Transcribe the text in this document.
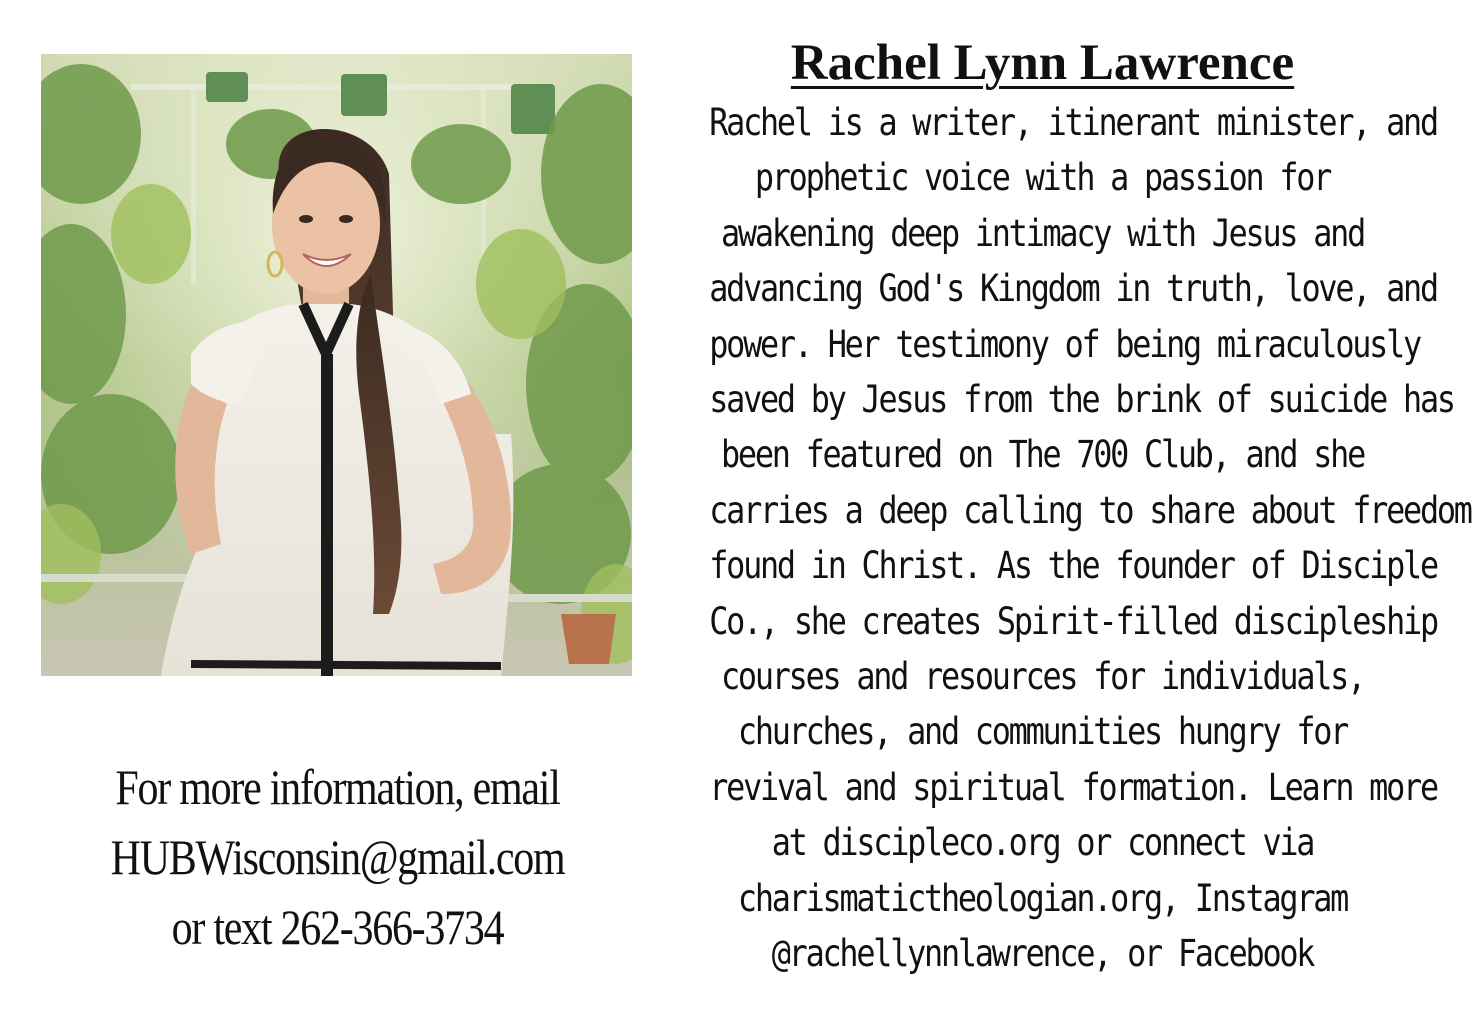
For more information, email
HUBWisconsin@gmail.com
or text 262-366-3734
Rachel Lynn Lawrence
Rachel is a writer, itinerant minister, and
prophetic voice with a passion for
awakening deep intimacy with Jesus and
advancing God's Kingdom in truth, love, and
power. Her testimony of being miraculously
saved by Jesus from the brink of suicide has
been featured on The 700 Club, and she
carries a deep calling to share about freedom
found in Christ. As the founder of Disciple
Co., she creates Spirit-filled discipleship
courses and resources for individuals,
churches, and communities hungry for
revival and spiritual formation. Learn more
at discipleco.org or connect via
charismatictheologian.org, Instagram
@rachellynnlawrence, or Facebook
